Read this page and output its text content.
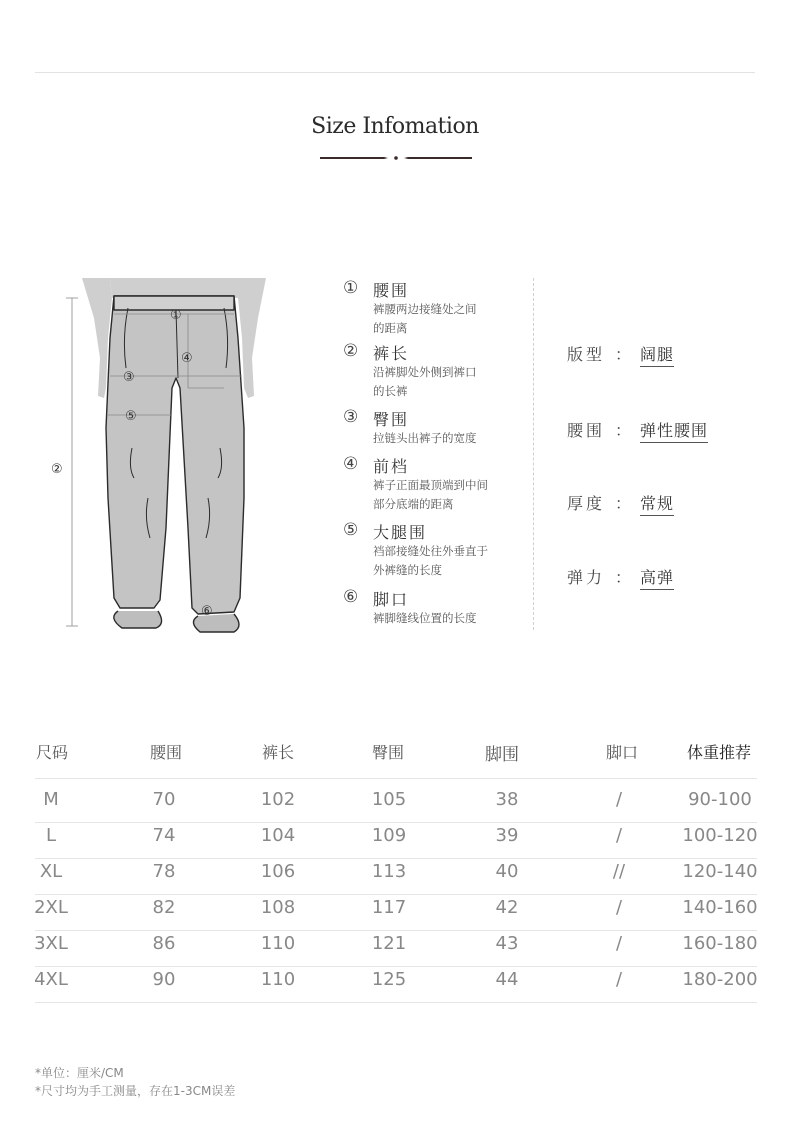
Size Infomation
①
②
③
④
⑤
⑥
① 腰围
裤腰两边接缝处之间
的距离
② 裤长
沿裤脚处外侧到裤口
的长裤
③ 臀围
拉链头出裤子的宽度
④ 前档
裤子正面最顶端到中间
部分底端的距离
⑤ 大腿围
裆部接缝处往外垂直于
外裤缝的长度
⑥ 脚口
裤脚缝线位置的长度
版型 ： 阔腿
腰围 ： 弹性腰围
厚度 ： 常规
弹力 ： 高弹
尺码	腰围	裤长	臀围	脚围	脚口	体重推荐
M	70	102	105	38	/	90-100
L	74	104	109	39	/	100-120
XL	78	106	113	40	//	120-140
2XL	82	108	117	42	/	140-160
3XL	86	110	121	43	/	160-180
4XL	90	110	125	44	/	180-200
*单位：厘米/CM
*尺寸均为手工测量，存在1-3CM误差
